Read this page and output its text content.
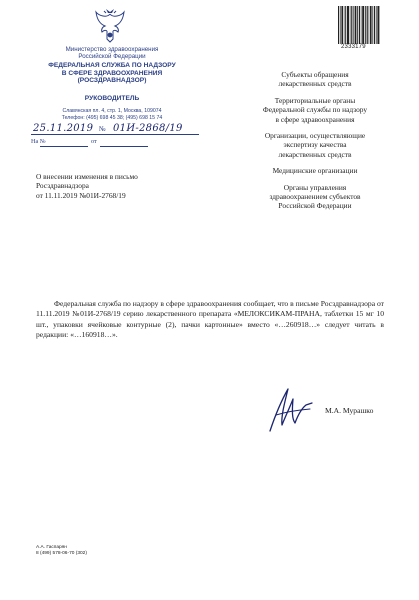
Министерство здравоохранения
Российской Федерации
ФЕДЕРАЛЬНАЯ СЛУЖБА ПО НАДЗОРУ
В СФЕРЕ ЗДРАВООХРАНЕНИЯ
(РОСЗДРАВНАДЗОР)
РУКОВОДИТЕЛЬ
Славянская пл. 4, стр. 1, Москва, 109074
Телефон: (495) 698 45 38; (495) 698 15 74
25.11.2019 № 01И-2868/19
На №	от
О внесении изменения в письмо
Росздравнадзора
от 11.11.2019 №01И-2768/19
2333179

Субъекты обращения
лекарственных средств

Территориальные органы
Федеральной службы по надзору
в сфере здравоохранения

Организации, осуществляющие
экспертизу качества
лекарственных средств

Медицинские организации

Органы управления
здравоохранением субъектов
Российской Федерации

Федеральная служба по надзору в сфере здравоохранения сообщает, что в письме Росздравнадзора от 11.11.2019 №01И-2768/19 серию лекарственного препарата «МЕЛОКСИКАМ-ПРАНА, таблетки 15 мг 10 шт., упаковки ячейковые контурные (2), пачки картонные» вместо «…260918…» следует читать в редакции: «…160918…».
М.А. Мурашко
А.А. Гаспарян
8 (499) 578-06-70 (302)
